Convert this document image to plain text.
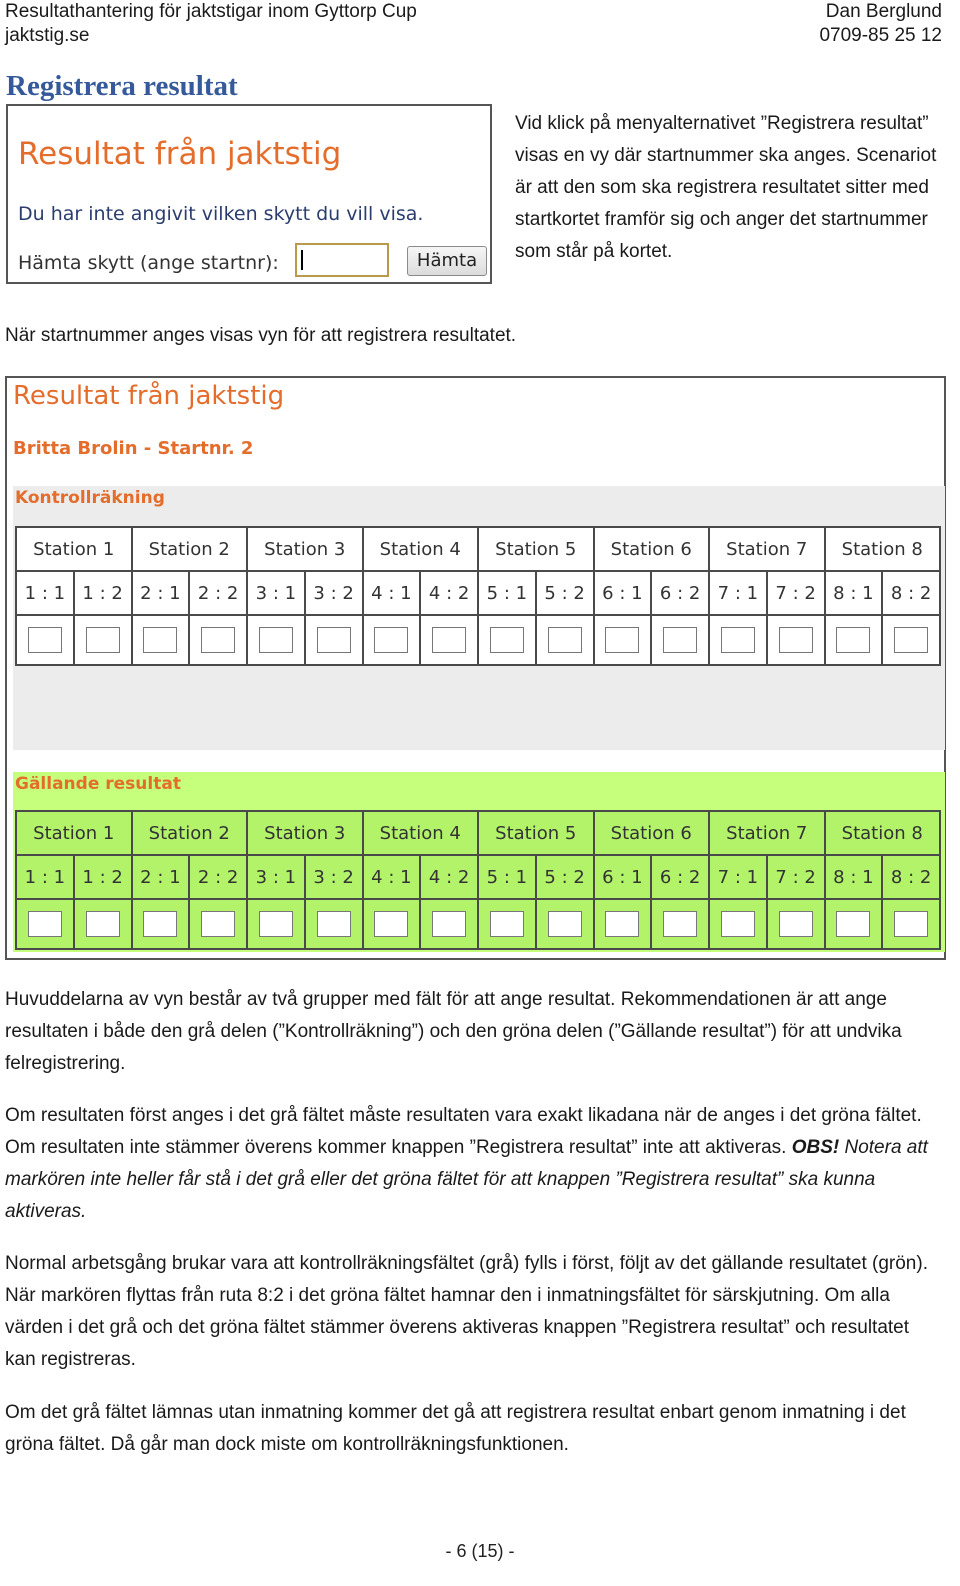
Resultathantering för jaktstigar inom Gyttorp Cup
jaktstig.se
Dan Berglund
0709-85 25 12
Registrera resultat
Resultat från jaktstig
Du har inte angivit vilken skytt du vill visa.
Hämta skytt (ange startnr):	Hämta
Vid klick på menyalternativet ”Registrera resultat” visas en vy där startnummer ska anges. Scenariot är att den som ska registrera resultatet sitter med startkortet framför sig och anger det startnummer som står på kortet.
När startnummer anges visas vyn för att registrera resultatet.
Resultat från jaktstig
Britta Brolin - Startnr. 2
Kontrollräkning
Station 1		Station 2		Station 3		Station 4		Station 5		Station 6		Station 7		Station 8	
1 : 1	1 : 2	2 : 1	2 : 2	3 : 1	3 : 2	4 : 1	4 : 2	5 : 1	5 : 2	6 : 1	6 : 2	7 : 1	7 : 2	8 : 1	8 : 2

Gällande resultat
Station 1		Station 2		Station 3		Station 4		Station 5		Station 6		Station 7		Station 8	
1 : 1	1 : 2	2 : 1	2 : 2	3 : 1	3 : 2	4 : 1	4 : 2	5 : 1	5 : 2	6 : 1	6 : 2	7 : 1	7 : 2	8 : 1	8 : 2

Huvuddelarna av vyn består av två grupper med fält för att ange resultat. Rekommendationen är att ange resultaten i både den grå delen (”Kontrollräkning”) och den gröna delen (”Gällande resultat”) för att undvika felregistrering.
Om resultaten först anges i det grå fältet måste resultaten vara exakt likadana när de anges i det gröna fältet. Om resultaten inte stämmer överens kommer knappen ”Registrera resultat” inte att aktiveras. OBS! Notera att markören inte heller får stå i det grå eller det gröna fältet för att knappen ”Registrera resultat” ska kunna aktiveras.
Normal arbetsgång brukar vara att kontrollräkningsfältet (grå) fylls i först, följt av det gällande resultatet (grön). När markören flyttas från ruta 8:2 i det gröna fältet hamnar den i inmatningsfältet för särskjutning. Om alla värden i det grå och det gröna fältet stämmer överens aktiveras knappen ”Registrera resultat” och resultatet kan registreras.
Om det grå fältet lämnas utan inmatning kommer det gå att registrera resultat enbart genom inmatning i det gröna fältet. Då går man dock miste om kontrollräkningsfunktionen.
- 6 (15) -
